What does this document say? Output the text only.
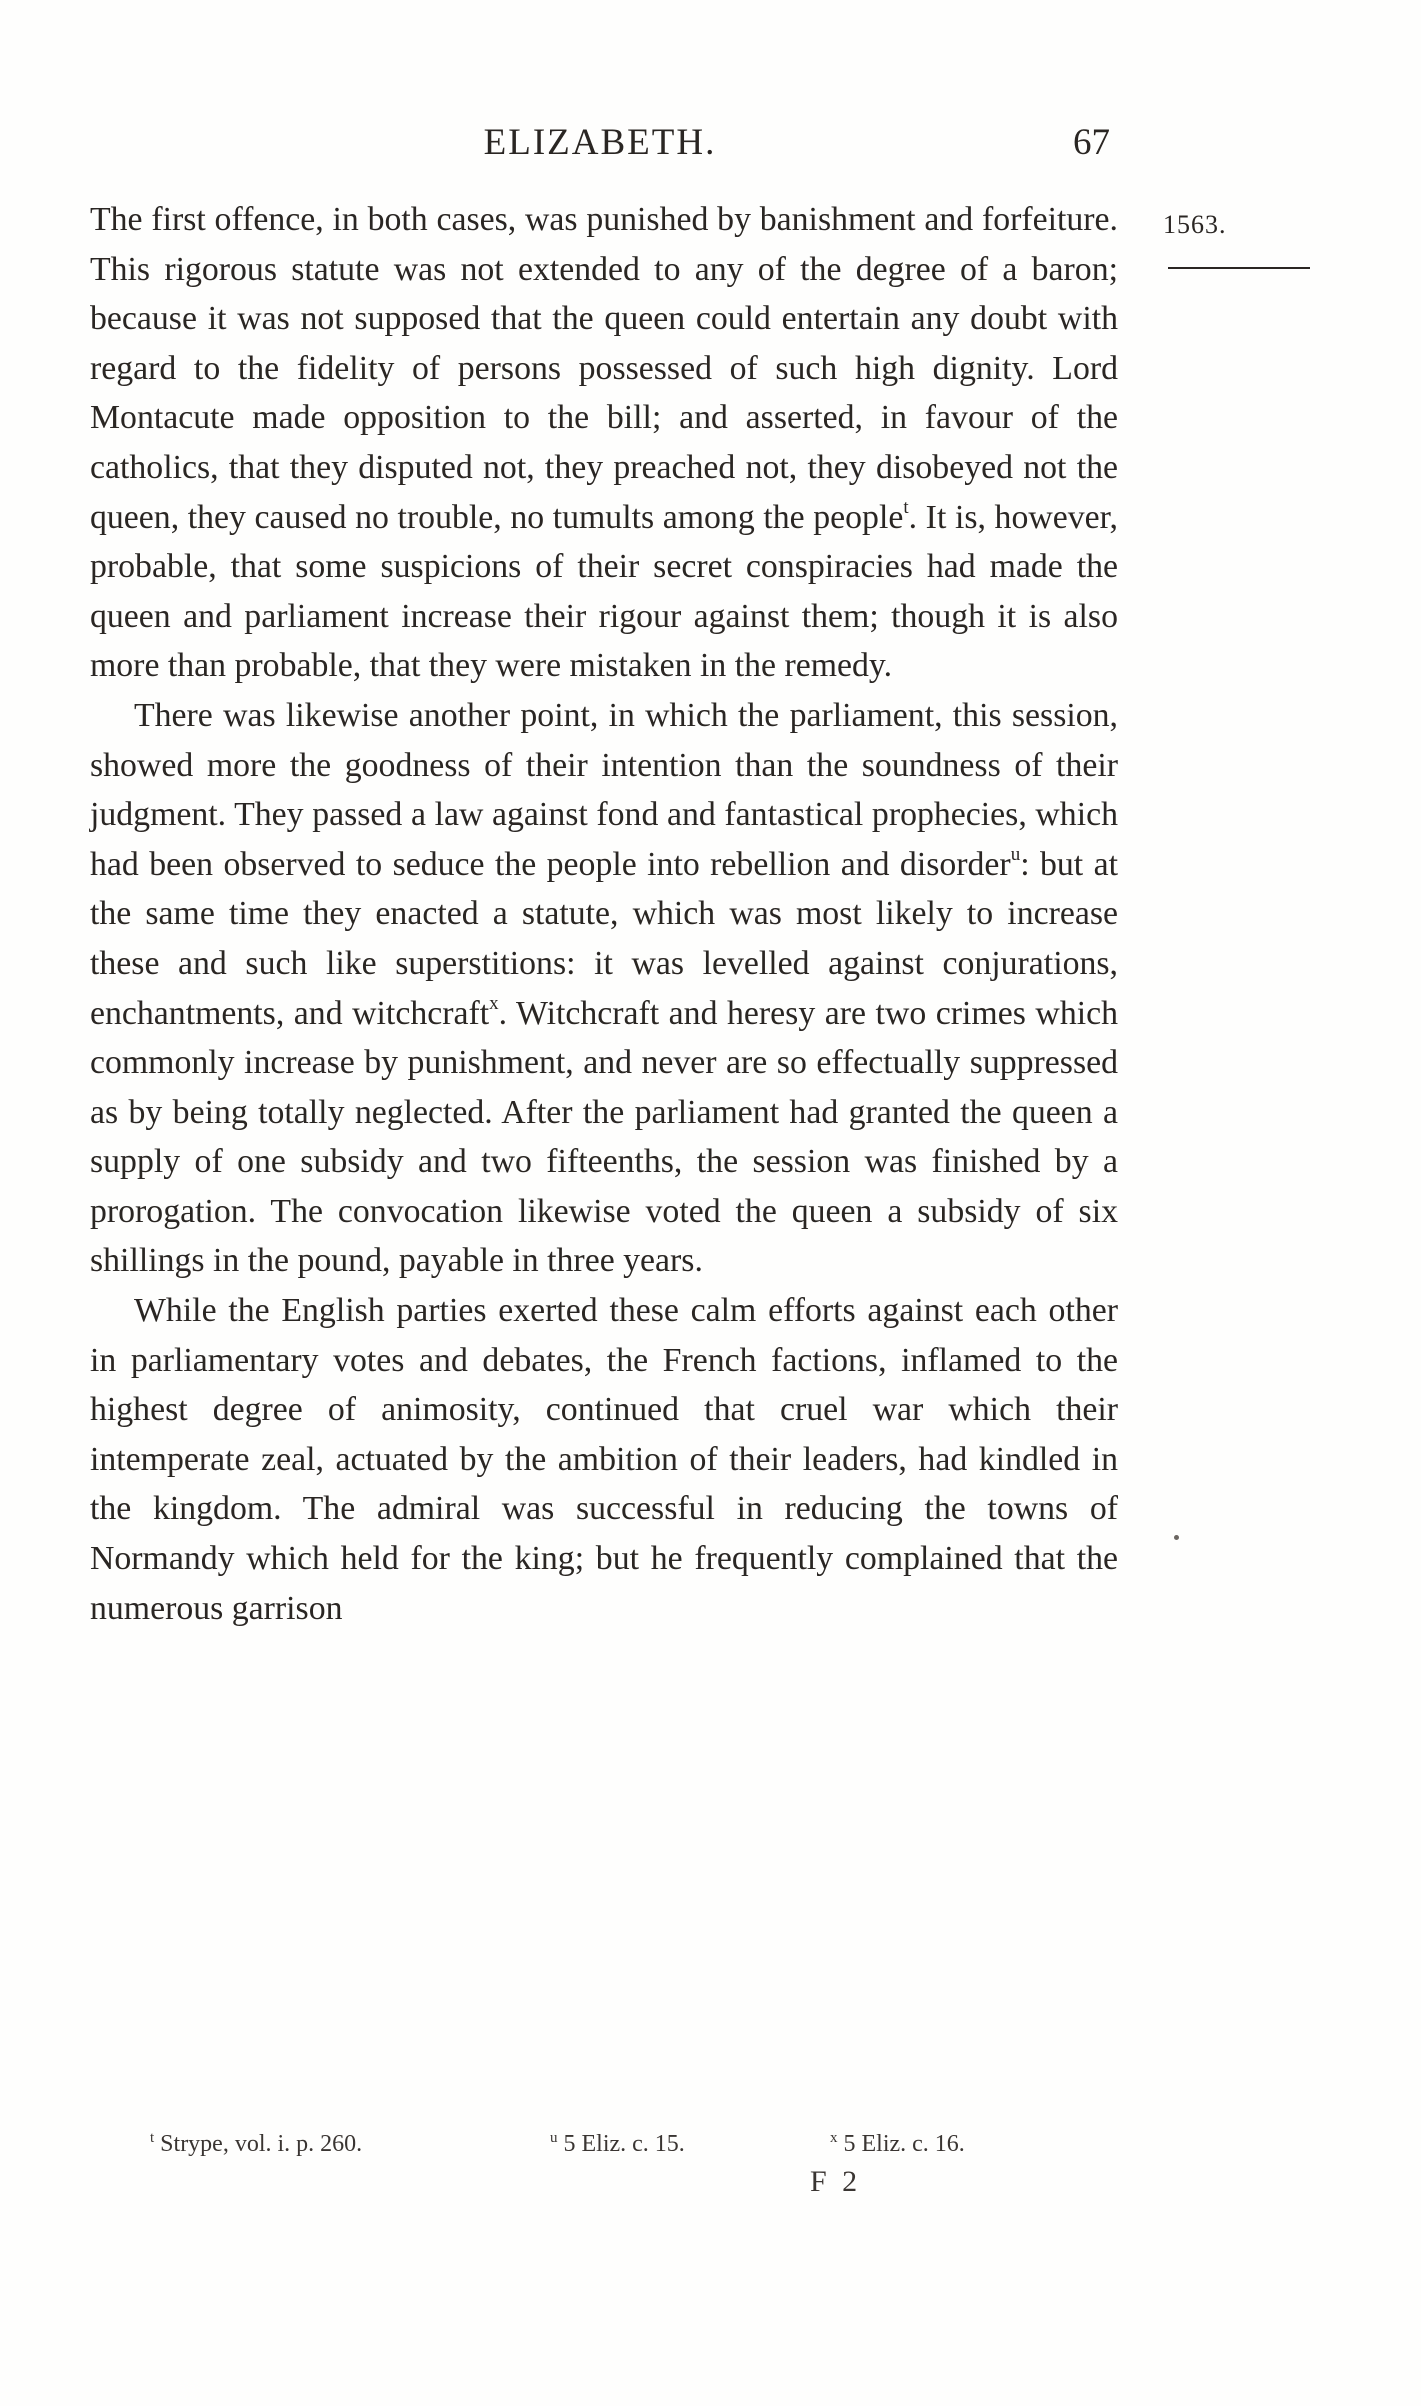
ELIZABETH.	67
1563.

The first offence, in both cases, was punished by banishment and forfeiture. This rigorous statute was not extended to any of the degree of a baron; because it was not supposed that the queen could entertain any doubt with regard to the fidelity of persons possessed of such high dignity. Lord Montacute made opposition to the bill; and asserted, in favour of the catholics, that they disputed not, they preached not, they disobeyed not the queen, they caused no trouble, no tumults among the people$^t$. It is, however, probable, that some suspicions of their secret conspiracies had made the queen and parliament increase their rigour against them; though it is also more than probable, that they were mistaken in the remedy.

There was likewise another point, in which the parliament, this session, showed more the goodness of their intention than the soundness of their judgment. They passed a law against fond and fantastical prophecies, which had been observed to seduce the people into rebellion and disorder$^u$: but at the same time they enacted a statute, which was most likely to increase these and such like superstitions: it was levelled against conjurations, enchantments, and witchcraft$^x$. Witchcraft and heresy are two crimes which commonly increase by punishment, and never are so effectually suppressed as by being totally neglected. After the parliament had granted the queen a supply of one subsidy and two fifteenths, the session was finished by a prorogation. The convocation likewise voted the queen a subsidy of six shillings in the pound, payable in three years.

While the English parties exerted these calm efforts against each other in parliamentary votes and debates, the French factions, inflamed to the highest degree of animosity, continued that cruel war which their intemperate zeal, actuated by the ambition of their leaders, had kindled in the kingdom. The admiral was successful in reducing the towns of Normandy which held for the king; but he frequently complained that the numerous garrison

$^t$ Strype, vol. i. p. 260.	$^u$ 5 Eliz. c. 15.	$^x$ 5 Eliz. c. 16.
F 2
